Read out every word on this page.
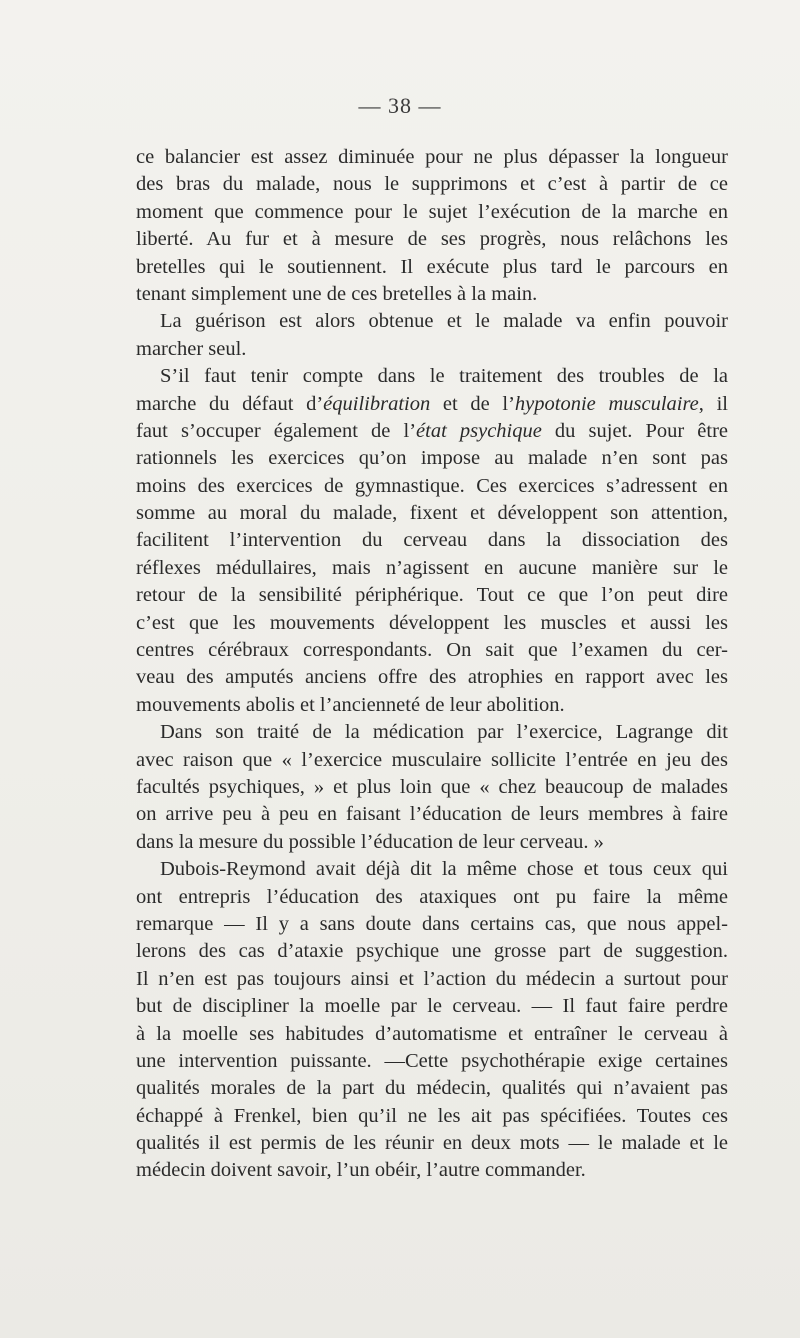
— 38 —
ce balancier est assez diminuée pour ne plus dépasser la longueur
des bras du malade, nous le supprimons et c’est à partir de ce
moment que commence pour le sujet l’exécution de la marche en
liberté. Au fur et à mesure de ses progrès, nous relâchons les
bretelles qui le soutiennent. Il exécute plus tard le parcours en
tenant simplement une de ces bretelles à la main.
La guérison est alors obtenue et le malade va enfin pouvoir
marcher seul.
S’il faut tenir compte dans le traitement des troubles de la
marche du défaut d’équilibration et de l’hypotonie musculaire, il
faut s’occuper également de l’état psychique du sujet. Pour être
rationnels les exercices qu’on impose au malade n’en sont pas
moins des exercices de gymnastique. Ces exercices s’adressent en
somme au moral du malade, fixent et développent son attention,
facilitent l’intervention du cerveau dans la dissociation des
réflexes médullaires, mais n’agissent en aucune manière sur le
retour de la sensibilité périphérique. Tout ce que l’on peut dire
c’est que les mouvements développent les muscles et aussi les
centres cérébraux correspondants. On sait que l’examen du cer-
veau des amputés anciens offre des atrophies en rapport avec les
mouvements abolis et l’ancienneté de leur abolition.
Dans son traité de la médication par l’exercice, Lagrange dit
avec raison que « l’exercice musculaire sollicite l’entrée en jeu des
facultés psychiques, » et plus loin que « chez beaucoup de malades
on arrive peu à peu en faisant l’éducation de leurs membres à faire
dans la mesure du possible l’éducation de leur cerveau. »
Dubois-Reymond avait déjà dit la même chose et tous ceux qui
ont entrepris l’éducation des ataxiques ont pu faire la même
remarque — Il y a sans doute dans certains cas, que nous appel-
lerons des cas d’ataxie psychique une grosse part de suggestion.
Il n’en est pas toujours ainsi et l’action du médecin a surtout pour
but de discipliner la moelle par le cerveau. — Il faut faire perdre
à la moelle ses habitudes d’automatisme et entraîner le cerveau à
une intervention puissante. —Cette psychothérapie exige certaines
qualités morales de la part du médecin, qualités qui n’avaient pas
échappé à Frenkel, bien qu’il ne les ait pas spécifiées. Toutes ces
qualités il est permis de les réunir en deux mots — le malade et le
médecin doivent savoir, l’un obéir, l’autre commander.
